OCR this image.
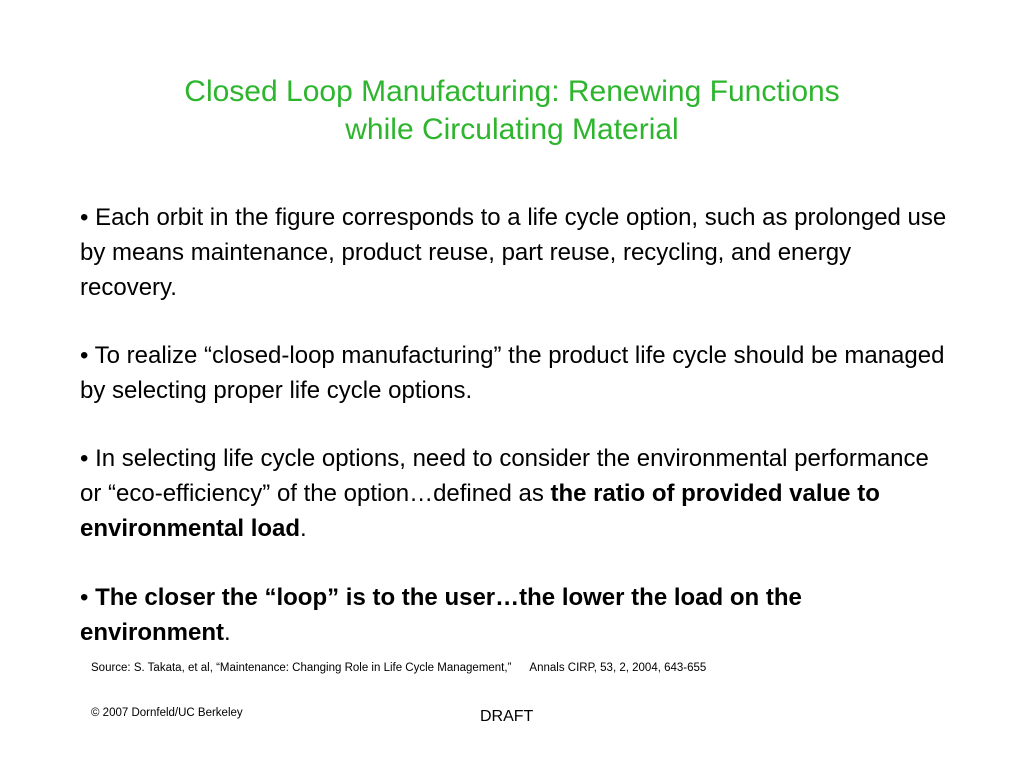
Closed Loop Manufacturing: Renewing Functions
while Circulating Material

• Each orbit in the figure corresponds to a life cycle option, such as prolonged use by means maintenance, product reuse, part reuse, recycling, and energy recovery.

• To realize “closed-loop manufacturing” the product life cycle should be managed by selecting proper life cycle options.

• In selecting life cycle options, need to consider the environmental performance or “eco-efficiency” of the option…defined as the ratio of provided value to environmental load.

• The closer the “loop” is to the user…the lower the load on the environment.

Source: S. Takata, et al, “Maintenance: Changing Role in Life Cycle Management,” Annals CIRP, 53, 2, 2004, 643-655
© 2007 Dornfeld/UC Berkeley	DRAFT
